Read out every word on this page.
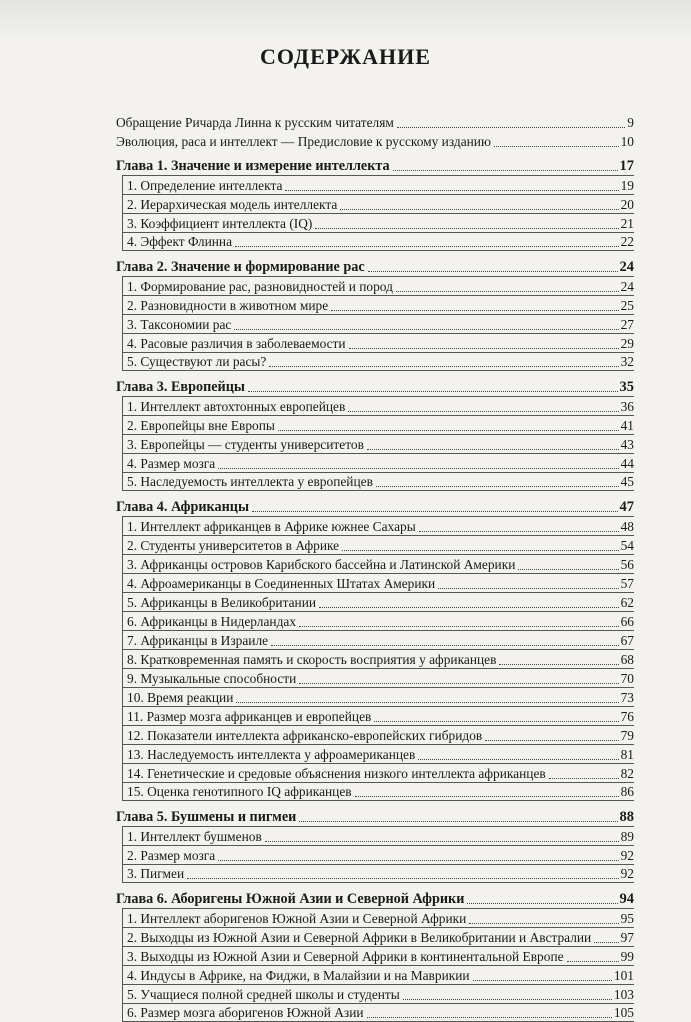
СОДЕРЖАНИЕ
Обращение Ричарда Линна к русским читателям	9
Эволюция, раса и интеллект — Предисловие к русскому изданию	10
Глава 1. Значение и измерение интеллекта	17
1. Определение интеллекта	19
2. Иерархическая модель интеллекта	20
3. Коэффициент интеллекта (IQ)	21
4. Эффект Флинна	22
Глава 2. Значение и формирование рас	24
1. Формирование рас, разновидностей и пород	24
2. Разновидности в животном мире	25
3. Таксономии рас	27
4. Расовые различия в заболеваемости	29
5. Существуют ли расы?	32
Глава 3. Европейцы	35
1. Интеллект автохтонных европейцев	36
2. Европейцы вне Европы	41
3. Европейцы — студенты университетов	43
4. Размер мозга	44
5. Наследуемость интеллекта у европейцев	45
Глава 4. Африканцы	47
1. Интеллект африканцев в Африке южнее Сахары	48
2. Студенты университетов в Африке	54
3. Африканцы островов Карибского бассейна и Латинской Америки	56
4. Афроамериканцы в Соединенных Штатах Америки	57
5. Африканцы в Великобритании	62
6. Африканцы в Нидерландах	66
7. Африканцы в Израиле	67
8. Кратковременная память и скорость восприятия у африканцев	68
9. Музыкальные способности	70
10. Время реакции	73
11. Размер мозга африканцев и европейцев	76
12. Показатели интеллекта африканско-европейских гибридов	79
13. Наследуемость интеллекта у афроамериканцев	81
14. Генетические и средовые объяснения низкого интеллекта африканцев	82
15. Оценка генотипного IQ африканцев	86
Глава 5. Бушмены и пигмеи	88
1. Интеллект бушменов	89
2. Размер мозга	92
3. Пигмеи	92
Глава 6. Аборигены Южной Азии и Северной Африки	94
1. Интеллект аборигенов Южной Азии и Северной Африки	95
2. Выходцы из Южной Азии и Северной Африки в Великобритании и Австралии 97
3. Выходцы из Южной Азии и Северной Африки в континентальной Европе	99
4. Индусы в Африке, на Фиджи, в Малайзии и на Маврикии	101
5. Учащиеся полной средней школы и студенты	103
6. Размер мозга аборигенов Южной Азии	105
